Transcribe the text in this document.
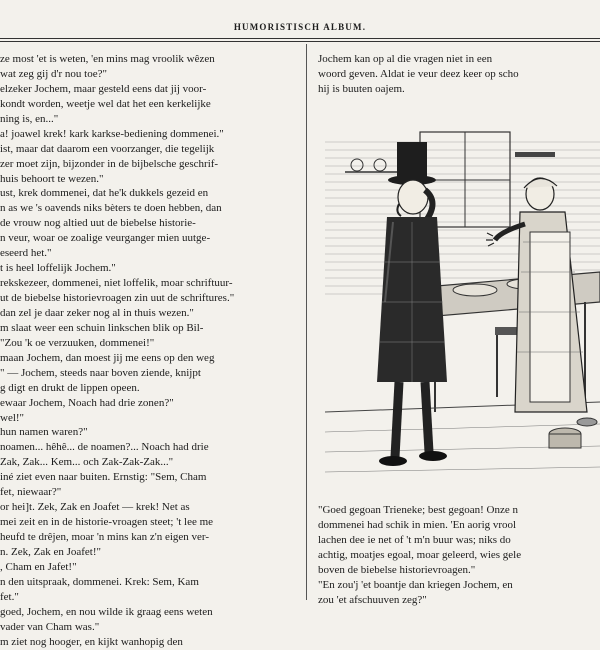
HUMORISTISCH ALBUM.
ze most 'et is weten, 'en mins mag vroolik wêzen
wat zeg gij d'r nou toe?"
elzeker Jochem, maar gesteld eens dat jij voor-
kondt worden, weetje wel dat het een kerkelijke
ning is, en..."
a! joawel krek! kark karkse-bediening dommenei."
ist, maar dat daarom een voorzanger, die tegelijk
zer moet zijn, bijzonder in de bijbelsche geschrif-
huis behoort te wezen."
ust, krek dommenei, dat he'k dukkels gezeid en
n as we 's oavends niks bèters te doen hebben, dan
de vrouw nog altied uut de biebelse historie-
n veur, woar oe zoalige veurganger mien uutge-
eseerd het."
t is heel loffelijk Jochem."
rekskezeer, dommenei, niet loffelik, moar schriftuur-
ut de biebelse historievroagen zin uut de schriftures."
dan zel je daar zeker nog al in thuis wezen."
m slaat weer een schuin linkschen blik op Bil-
"Zou 'k oe verzuuken, dommenei!"
maan Jochem, dan moest jij me eens op den weg
" — Jochem, steeds naar boven ziende, knijpt
g digt en drukt de lippen opeen.
ewaar Jochem, Noach had drie zonen?"
wel!"
hun namen waren?"
noamen... hêhê... de noamen?... Noach had drie
Zak, Zak... Kem... och Zak-Zak-Zak..."
iné ziet even naar buiten. Ernstig: "Sem, Cham
fet, niewaar?"
or hei]t. Zek, Zak en Joafet — krek! Net as
mei zeit en in de historie-vroagen steet; 't lee me
heufd te drêjen, moar 'n mins kan z'n eigen ver-
n. Zek, Zak en Joafet!"
, Cham en Jafet!"
n den uitspraak, dommenei. Krek: Sem, Kam
fet."
goed, Jochem, en nou wilde ik graag eens weten
vader van Cham was."
m ziet nog hooger, en kijkt wanhopig den
Jochem kan op al die vragen niet in een
woord geven. Aldat ie veur deez keer op scho
hij is buuten oajem.
"Goed gegoan Trieneke; best gegoan! Onze n
dommenei had schik in mien. 'En aorig vrool
lachen dee ie net of 't m'n buur was; niks do
achtig, moatjes egoal, moar geleerd, wies gele
boven de biebelse historievroagen."
"En zou'j 'et boantje dan kriegen Jochem, en
zou 'et afschuuven zeg?"
